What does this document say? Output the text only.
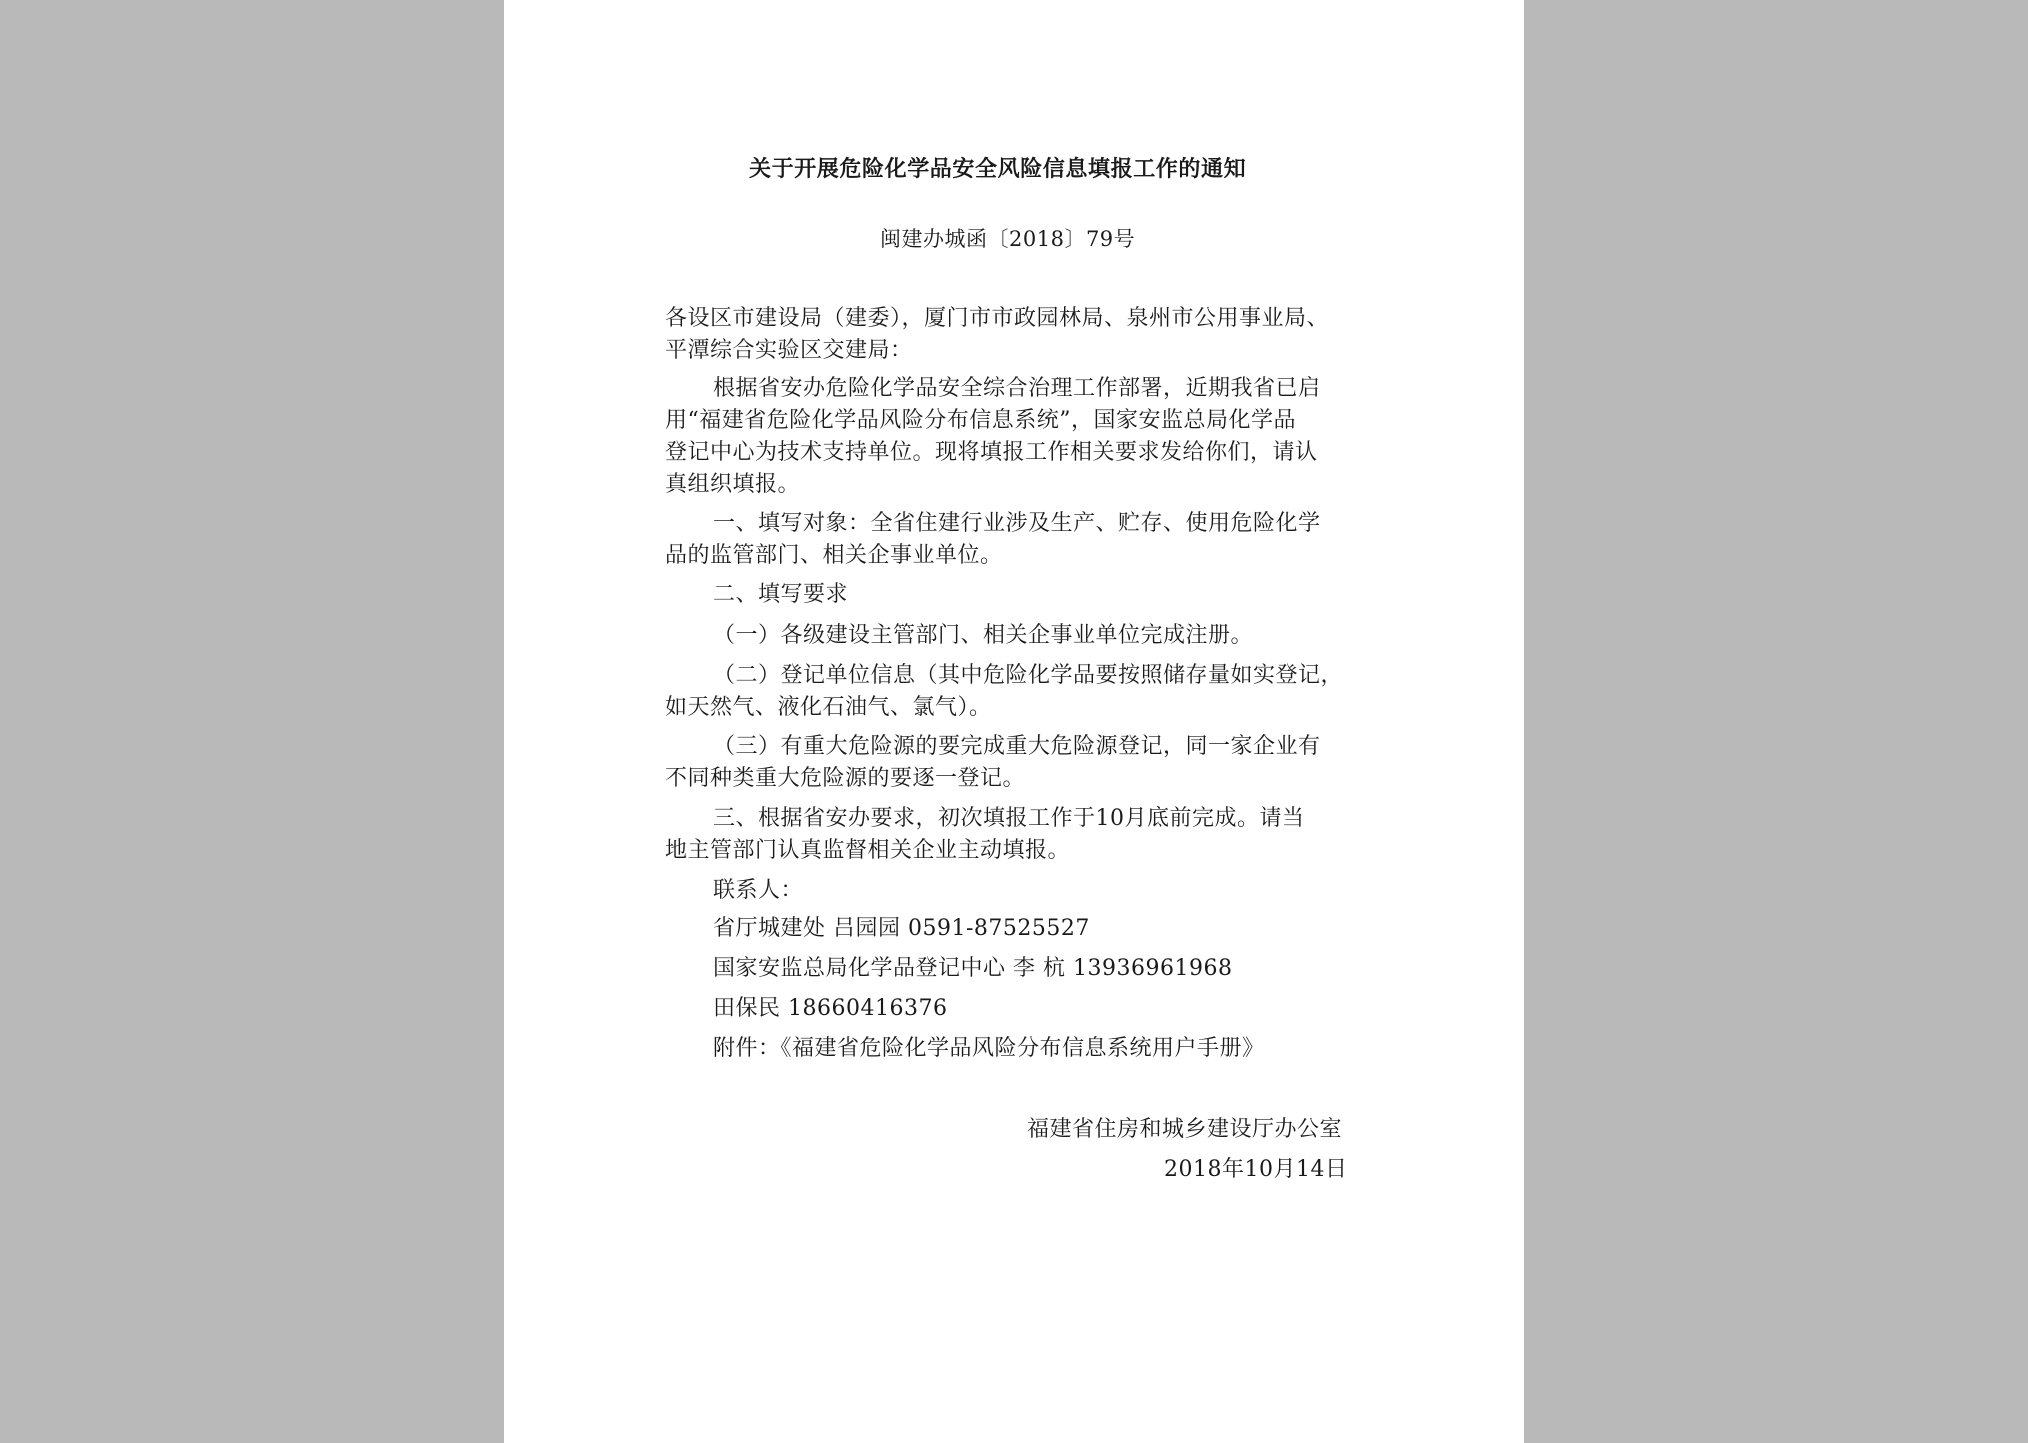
关于开展危险化学品安全风险信息填报工作的通知
闽建办城函〔2018〕79号
各设区市建设局（建委），厦门市市政园林局、泉州市公用事业局、
平潭综合实验区交建局：
根据省安办危险化学品安全综合治理工作部署，近期我省已启
用“福建省危险化学品风险分布信息系统”，国家安监总局化学品
登记中心为技术支持单位。现将填报工作相关要求发给你们，请认
真组织填报。
一、填写对象：全省住建行业涉及生产、贮存、使用危险化学
品的监管部门、相关企事业单位。
二、填写要求
（一）各级建设主管部门、相关企事业单位完成注册。
（二）登记单位信息（其中危险化学品要按照储存量如实登记，
如天然气、液化石油气、氯气）。
（三）有重大危险源的要完成重大危险源登记，同一家企业有
不同种类重大危险源的要逐一登记。
三、根据省安办要求，初次填报工作于10月底前完成。请当
地主管部门认真监督相关企业主动填报。
联系人：
省厅城建处 吕园园 0591-87525527
国家安监总局化学品登记中心 李 杭 13936961968
田保民 18660416376
附件：《福建省危险化学品风险分布信息系统用户手册》
福建省住房和城乡建设厅办公室
2018年10月14日
